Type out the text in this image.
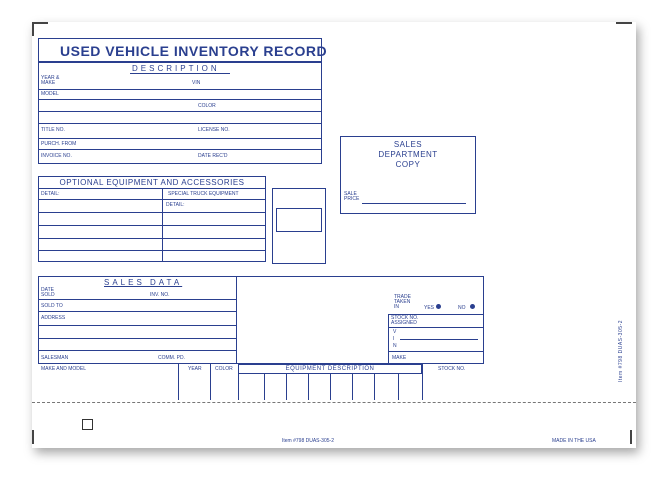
USED VEHICLE INVENTORY RECORD
DESCRIPTION
YEAR & MAKE	VIN
MODEL
COLOR
TITLE NO.	LICENSE NO.
PURCH. FROM
INVOICE NO.	DATE REC'D
SALES
DEPARTMENT
COPY
SALE PRICE
OPTIONAL EQUIPMENT AND ACCESSORIES
DETAIL:	SPECIAL TRUCK EQUIPMENT
DETAIL:
SALES DATA
DATE SOLD	INV. NO.
SOLD TO
ADDRESS
SALESMAN	COMM. PD.
TRADE TAKEN IN	YES	NO
STOCK NO. ASSIGNED
V
I
N
MAKE
MAKE AND MODEL	YEAR	COLOR	EQUIPMENT DESCRIPTION	STOCK NO.	Item #798 DUAS-305-2
Item #798 DUAS-305-2	MADE IN THE USA
